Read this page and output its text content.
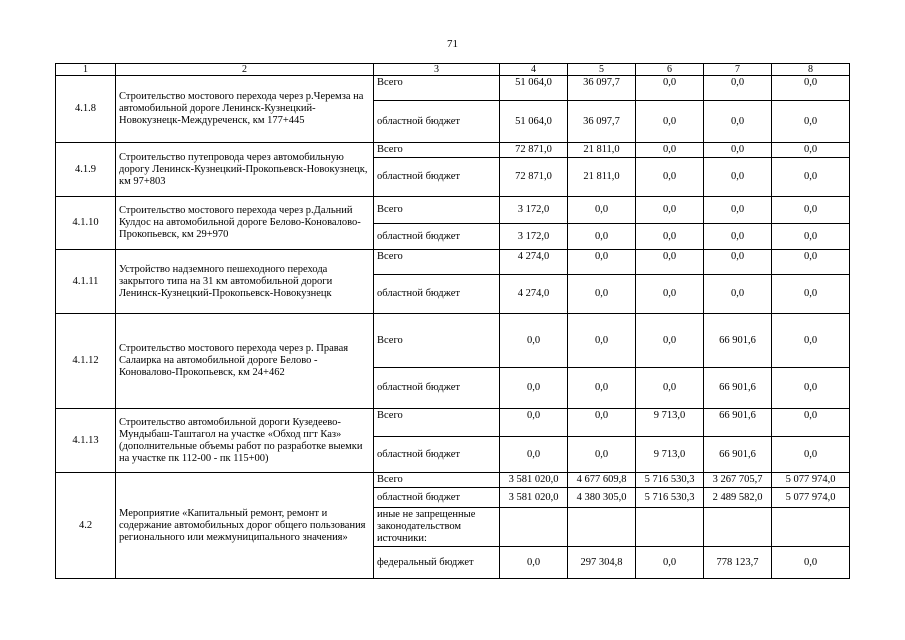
71
1	2	3	4	5	6	7	8
4.1.8	Строительство мостового перехода через р.Черемза на автомобильной дороге Ленинск-Кузнецкий-Новокузнецк-Междуреченск, км 177+445	Всего	51 064,0	36 097,7	0,0	0,0	0,0
		областной бюджет	51 064,0	36 097,7	0,0	0,0	0,0
4.1.9	Строительство путепровода через автомобильную дорогу Ленинск-Кузнецкий-Прокопьевск-Новокузнецк, км 97+803	Всего	72 871,0	21 811,0	0,0	0,0	0,0
		областной бюджет	72 871,0	21 811,0	0,0	0,0	0,0
4.1.10	Строительство мостового перехода через р.Дальний Кулдос на автомобильной дороге Белово-Коновалово-Прокопьевск, км 29+970	Всего	3 172,0	0,0	0,0	0,0	0,0
		областной бюджет	3 172,0	0,0	0,0	0,0	0,0
4.1.11	Устройство надземного пешеходного перехода закрытого типа на 31 км автомобильной дороги Ленинск-Кузнецкий-Прокопьевск-Новокузнецк	Всего	4 274,0	0,0	0,0	0,0	0,0
		областной бюджет	4 274,0	0,0	0,0	0,0	0,0
4.1.12	Строительство мостового перехода через р. Правая Салаирка на автомобильной дороге Белово - Коновалово-Прокопьевск, км 24+462	Всего	0,0	0,0	0,0	66 901,6	0,0
		областной бюджет	0,0	0,0	0,0	66 901,6	0,0
4.1.13	Строительство автомобильной дороги Кузедеево-Мундыбаш-Таштагол на участке «Обход пгт Каз» (дополнительные объемы работ по разработке выемки на участке пк 112-00 - пк 115+00)	Всего	0,0	0,0	9 713,0	66 901,6	0,0
		областной бюджет	0,0	0,0	9 713,0	66 901,6	0,0
4.2	Мероприятие «Капитальный ремонт, ремонт и содержание автомобильных дорог общего пользования регионального или межмуниципального значения»	Всего	3 581 020,0	4 677 609,8	5 716 530,3	3 267 705,7	5 077 974,0
		областной бюджет	3 581 020,0	4 380 305,0	5 716 530,3	2 489 582,0	5 077 974,0
		иные не запрещенные законодательством источники:					
		федеральный бюджет	0,0	297 304,8	0,0	778 123,7	0,0
